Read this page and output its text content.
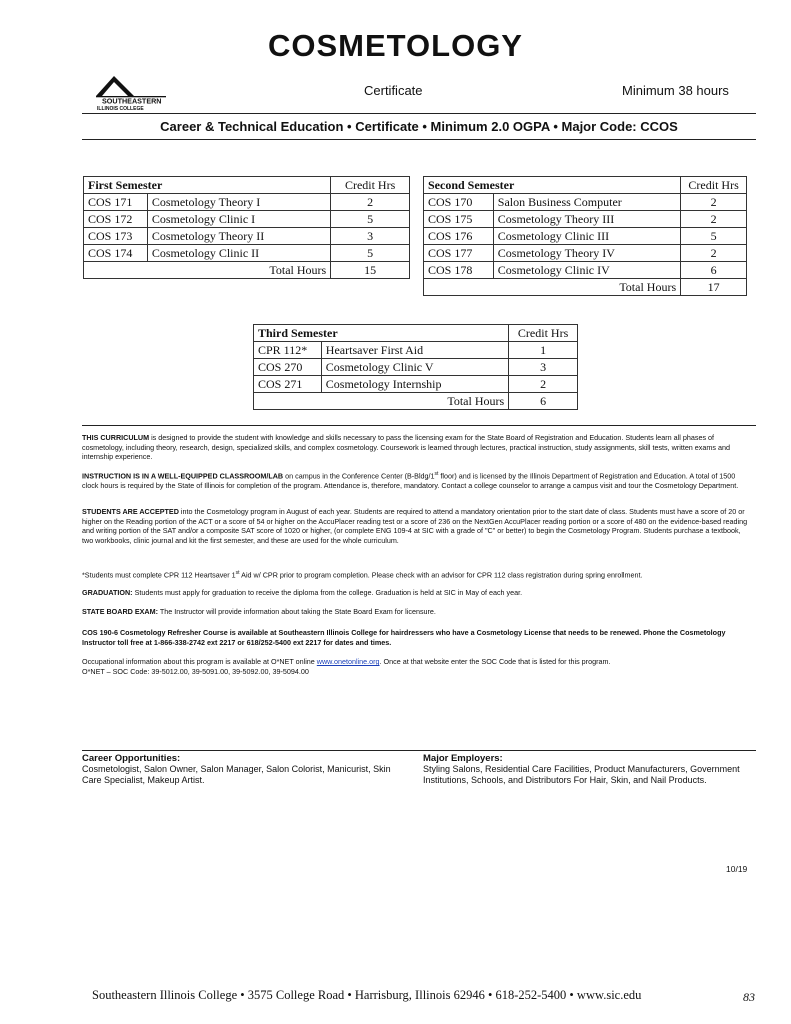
COSMETOLOGY
SOUTHEASTERN
ILLINOIS COLLEGE
Certificate	Minimum 38 hours
Career & Technical Education • Certificate • Minimum 2.0 OGPA • Major Code: CCOS
First Semester		Credit Hrs
COS 171	Cosmetology Theory I	2
COS 172	Cosmetology Clinic I	5
COS 173	Cosmetology Theory II	3
COS 174	Cosmetology Clinic II	5
Total Hours		15
Second Semester		Credit Hrs
COS 170	Salon Business Computer	2
COS 175	Cosmetology Theory III	2
COS 176	Cosmetology Clinic III	5
COS 177	Cosmetology Theory IV	2
COS 178	Cosmetology Clinic IV	6
Total Hours		17
Third Semester		Credit Hrs
CPR 112*	Heartsaver First Aid	1
COS 270	Cosmetology Clinic V	3
COS 271	Cosmetology Internship	2
Total Hours		6
THIS CURRICULUM is designed to provide the student with knowledge and skills necessary to pass the licensing exam for the State Board of Registration and Education. Students learn all phases of cosmetology, including theory, research, design, specialized skills, and complex cosmetology. Coursework is learned through lectures, practical instruction, study assignments, skill tests, written exams and internship experience.
INSTRUCTION IS IN A WELL-EQUIPPED CLASSROOM/LAB on campus in the Conference Center (B-Bldg/1st floor) and is licensed by the Illinois Department of Registration and Education. A total of 1500 clock hours is required by the State of Illinois for completion of the program. Attendance is, therefore, mandatory. Contact a college counselor to arrange a campus visit and tour the Cosmetology Department.
STUDENTS ARE ACCEPTED into the Cosmetology program in August of each year. Students are required to attend a mandatory orientation prior to the start date of class. Students must have a score of 20 or higher on the Reading portion of the ACT or a score of 54 or higher on the AccuPlacer reading test or a score of 236 on the NextGen AccuPlacer reading portion or a score of 480 on the evidence-based reading and writing portion of the SAT and/or a composite SAT score of 1020 or higher, (or complete ENG 109-4 at SIC with a grade of "C" or better) to begin the Cosmetology Program. Students purchase a textbook, two workbooks, clinic journal and kit the first semester, and these are used for the whole curriculum.
*Students must complete CPR 112 Heartsaver 1st Aid w/ CPR prior to program completion. Please check with an advisor for CPR 112 class registration during spring enrollment.
GRADUATION: Students must apply for graduation to receive the diploma from the college. Graduation is held at SIC in May of each year.
STATE BOARD EXAM: The Instructor will provide information about taking the State Board Exam for licensure.
COS 190-6 Cosmetology Refresher Course is available at Southeastern Illinois College for hairdressers who have a Cosmetology License that needs to be renewed. Phone the Cosmetology Instructor toll free at 1-866-338-2742 ext 2217 or 618/252-5400 ext 2217 for dates and times.
Occupational information about this program is available at O*NET online www.onetonline.org. Once at that website enter the SOC Code that is listed for this program.
O*NET – SOC Code: 39-5012.00, 39-5091.00, 39-5092.00, 39-5094.00
Career Opportunities:
Cosmetologist, Salon Owner, Salon Manager, Salon Colorist, Manicurist, Skin Care Specialist, Makeup Artist.
Major Employers:
Styling Salons, Residential Care Facilities, Product Manufacturers, Government Institutions, Schools, and Distributors For Hair, Skin, and Nail Products.
10/19
Southeastern Illinois College • 3575 College Road • Harrisburg, Illinois 62946 • 618-252-5400 • www.sic.edu	83
